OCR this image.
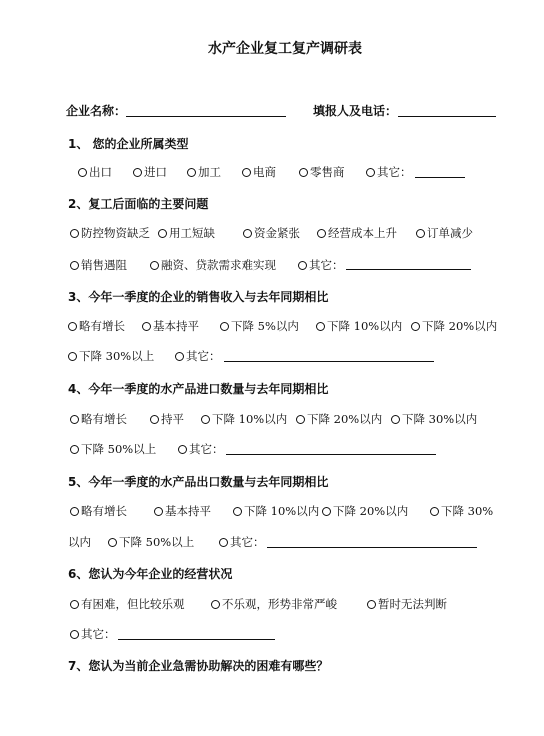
水产企业复工复产调研表
企业名称：	填报人及电话：
1、 您的企业所属类型
出口	进口	加工	电商	零售商	其它：
2、复工后面临的主要问题
防控物资缺乏 用工短缺	资金紧张 经营成本上升	订单减少
销售遇阻	融资、贷款需求难实现	其它：
3、今年一季度的企业的销售收入与去年同期相比
略有增长 基本持平	下降 5%以内 下降 10%以内 下降 20%以内
下降 30%以上	其它：
4、今年一季度的水产品进口数量与去年同期相比
略有增长	持平 下降 10%以内 下降 20%以内 下降 30%以内
下降 50%以上	其它：
5、今年一季度的水产品出口数量与去年同期相比
略有增长	基本持平	下降 10%以内 下降 20%以内	下降 30%
以内 下降 50%以上	其它：
6、您认为今年企业的经营状况
有困难，但比较乐观	不乐观，形势非常严峻	暂时无法判断
其它：
7、您认为当前企业急需协助解决的困难有哪些？
